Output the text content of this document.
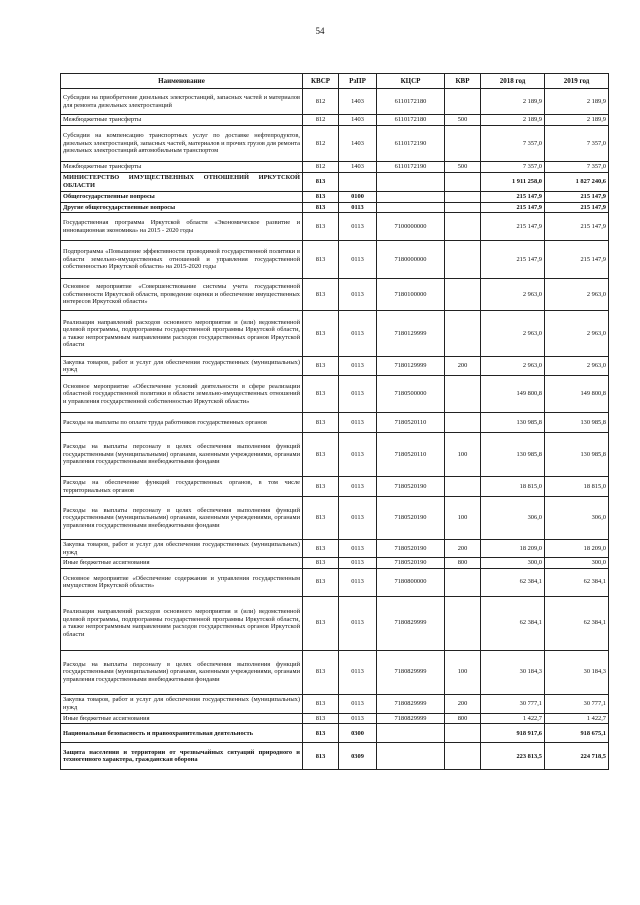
54
Наименование	КВСР	РзПР	КЦСР	КВР	2018 год	2019 год
Субсидии на приобретение дизельных электростанций, запасных частей и материалов для ремонта дизельных электростанций	812	1403	6110172180		2 189,9	2 189,9
Межбюджетные трансферты	812	1403	6110172180	500	2 189,9	2 189,9
Субсидии на компенсацию транспортных услуг по доставке нефтепродуктов, дизельных электростанций, запасных частей, материалов и прочих грузов для ремонта дизельных электростанций автомобильным транспортом	812	1403	6110172190		7 357,0	7 357,0
Межбюджетные трансферты	812	1403	6110172190	500	7 357,0	7 357,0
МИНИСТЕРСТВО ИМУЩЕСТВЕННЫХ ОТНОШЕНИЙ ИРКУТСКОЙ ОБЛАСТИ	813				1 911 258,0	1 827 240,6
Общегосударственные вопросы	813	0100			215 147,9	215 147,9
Другие общегосударственные вопросы	813	0113			215 147,9	215 147,9
Государственная программа Иркутской области «Экономическое развитие и инновационная экономика» на 2015 - 2020 годы	813	0113	7100000000		215 147,9	215 147,9
Подпрограмма «Повышение эффективности проводимой государственной политики в области земельно-имущественных отношений и управления государственной собственностью Иркутской области» на 2015-2020 годы	813	0113	7180000000		215 147,9	215 147,9
Основное мероприятие «Совершенствование системы учета государственной собственности Иркутской области, проведение оценки и обеспечение имущественных интересов Иркутской области»	813	0113	7180100000		2 963,0	2 963,0
Реализация направлений расходов основного мероприятия и (или) ведомственной целевой программы, подпрограммы государственной программы Иркутской области, а также непрограммным направлениям расходов государственных органов Иркутской области	813	0113	7180129999		2 963,0	2 963,0
Закупка товаров, работ и услуг для обеспечения государственных (муниципальных) нужд	813	0113	7180129999	200	2 963,0	2 963,0
Основное мероприятие «Обеспечение условий деятельности в сфере реализации областной государственной политики в области земельно-имущественных отношений и управления государственной собственностью Иркутской области»	813	0113	7180500000		149 800,8	149 800,8
Расходы на выплаты по оплате труда работников государственных органов	813	0113	7180520110		130 985,8	130 985,8
Расходы на выплаты персоналу в целях обеспечения выполнения функций государственными (муниципальными) органами, казенными учреждениями, органами управления государственными внебюджетными фондами	813	0113	7180520110	100	130 985,8	130 985,8
Расходы на обеспечение функций государственных органов, в том числе территориальных органов	813	0113	7180520190		18 815,0	18 815,0
Расходы на выплаты персоналу в целях обеспечения выполнения функций государственными (муниципальными) органами, казенными учреждениями, органами управления государственными внебюджетными фондами	813	0113	7180520190	100	306,0	306,0
Закупка товаров, работ и услуг для обеспечения государственных (муниципальных) нужд	813	0113	7180520190	200	18 209,0	18 209,0
Иные бюджетные ассигнования	813	0113	7180520190	800	300,0	300,0
Основное мероприятие «Обеспечение содержания и управления государственным имуществом Иркутской области»	813	0113	7180800000		62 384,1	62 384,1
Реализация направлений расходов основного мероприятия и (или) ведомственной целевой программы, подпрограммы государственной программы Иркутской области, а также непрограммным направлениям расходов государственных органов Иркутской области	813	0113	7180829999		62 384,1	62 384,1
Расходы на выплаты персоналу в целях обеспечения выполнения функций государственными (муниципальными) органами, казенными учреждениями, органами управления государственными внебюджетными фондами	813	0113	7180829999	100	30 184,3	30 184,3
Закупка товаров, работ и услуг для обеспечения государственных (муниципальных) нужд	813	0113	7180829999	200	30 777,1	30 777,1
Иные бюджетные ассигнования	813	0113	7180829999	800	1 422,7	1 422,7
Национальная безопасность и правоохранительная деятельность	813	0300			918 917,6	918 675,1
Защита населения и территории от чрезвычайных ситуаций природного и техногенного характера, гражданская оборона	813	0309			223 813,5	224 718,5
